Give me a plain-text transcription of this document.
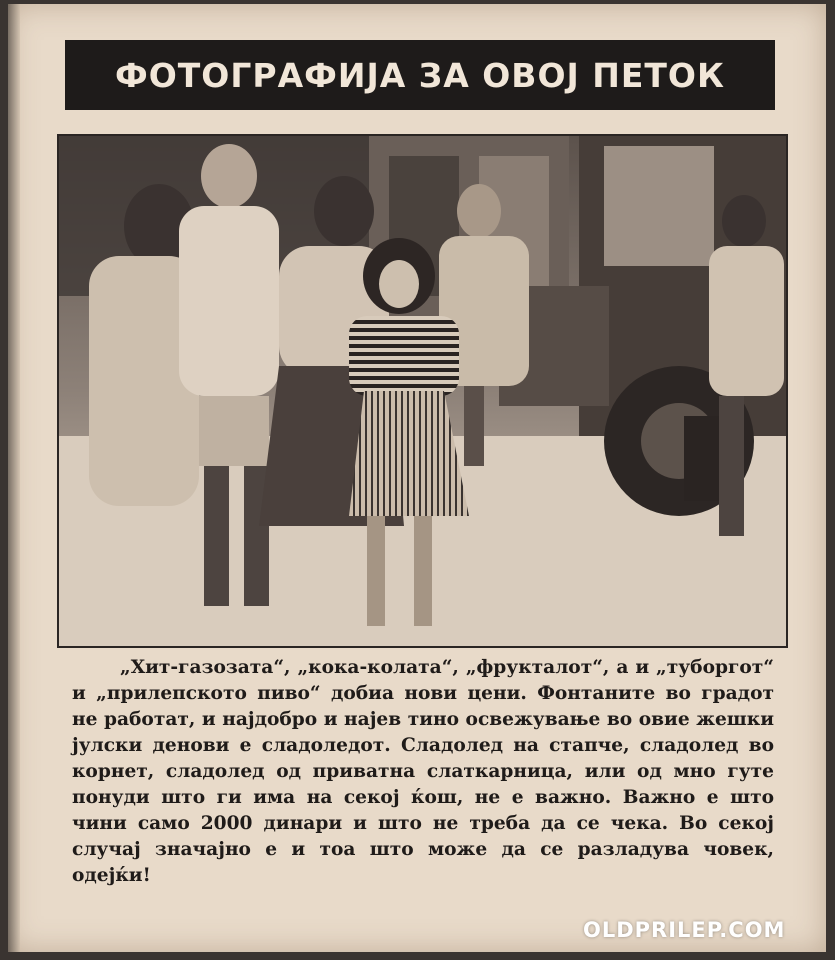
ФОТОГРАФИЈА ЗА ОВОЈ ПЕТОК
„Хит-газозата“, „кока-колата“, „фрукталот“, а и „туборгот“ и „прилепското пиво“ добиа нови цени. Фонтаните во градот не работат, и најдобро и најев тино освежување во овие жешки јулски денови е сладоледот. Сладолед на стапче, сладолед во корнет, сладолед од приватна слаткарница, или од мно гуте понуди што ги има на секој ќош, не е важно. Важно е што чини само 2000 динари и што не треба да се чека. Во секој случај значајно е и тоа што може да се разладува човек, одејќи!
OLDPRILEP.COM
